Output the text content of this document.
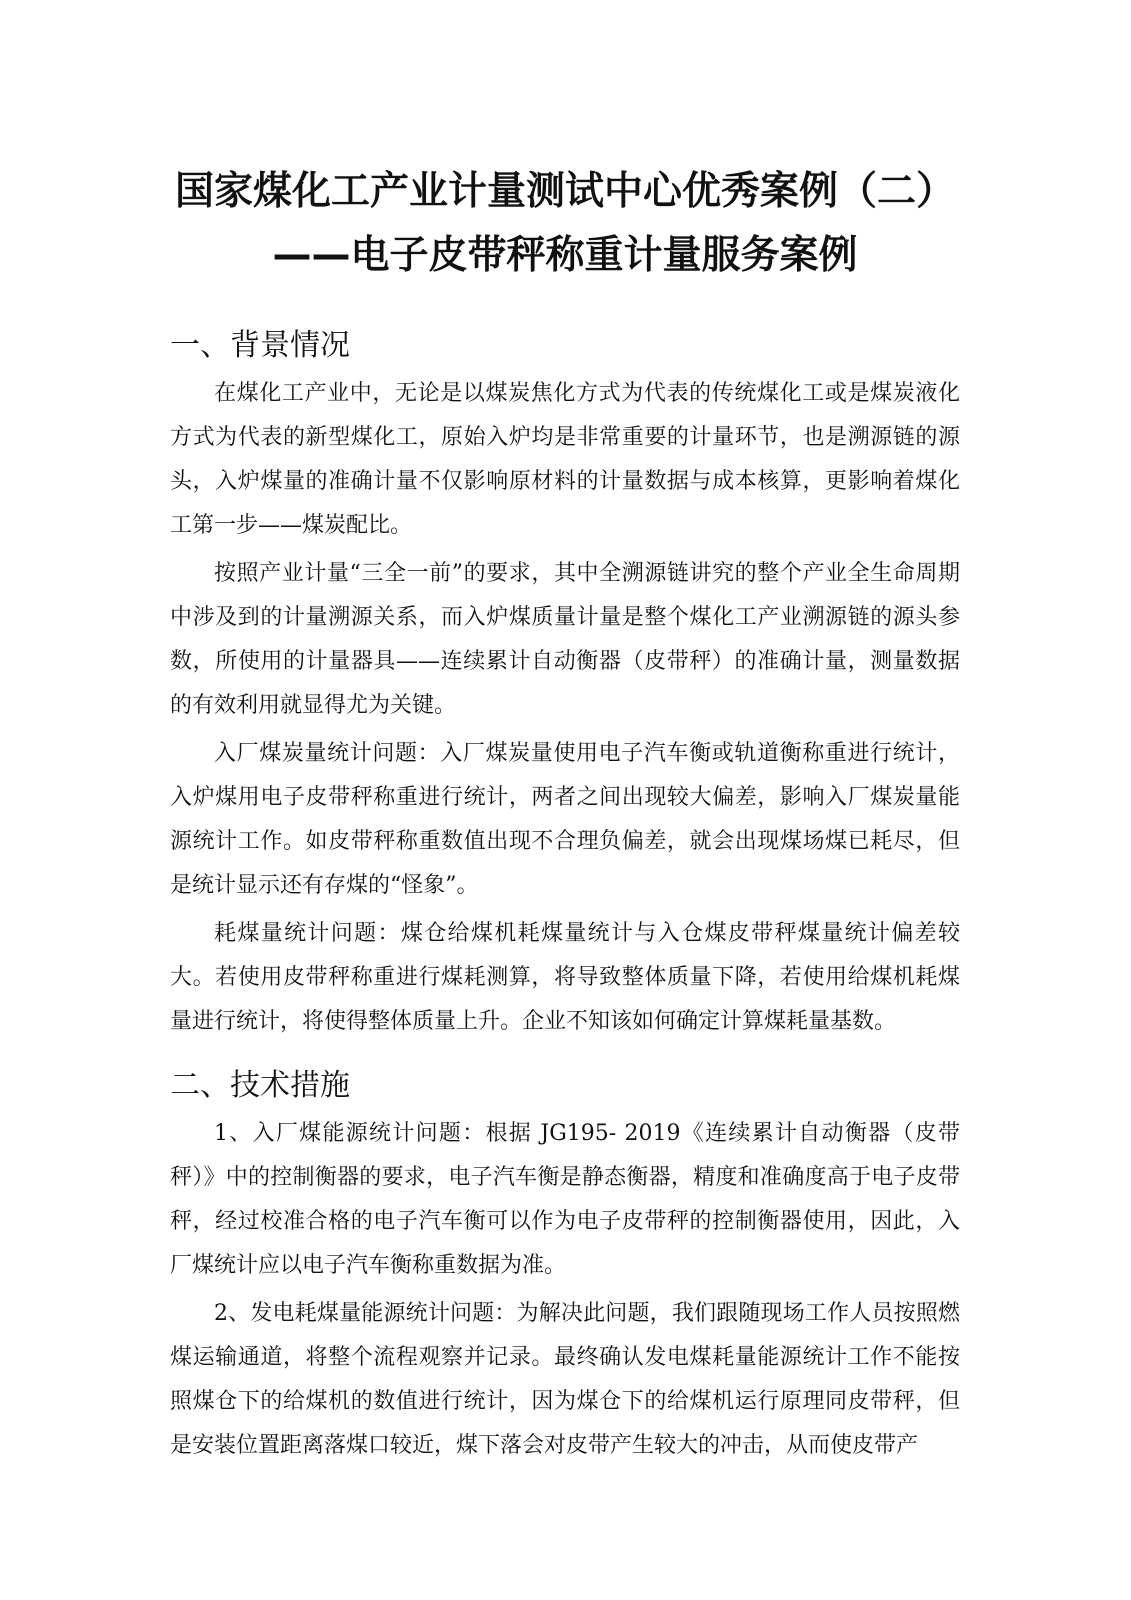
国家煤化工产业计量测试中心优秀案例（二）
——电子皮带秤称重计量服务案例
一、背景情况

在煤化工产业中，无论是以煤炭焦化方式为代表的传统煤化工或是煤炭液化方式为代表的新型煤化工，原始入炉均是非常重要的计量环节，也是溯源链的源头，入炉煤量的准确计量不仅影响原材料的计量数据与成本核算，更影响着煤化工第一步——煤炭配比。

按照产业计量“三全一前”的要求，其中全溯源链讲究的整个产业全生命周期中涉及到的计量溯源关系，而入炉煤质量计量是整个煤化工产业溯源链的源头参数，所使用的计量器具——连续累计自动衡器（皮带秤）的准确计量，测量数据的有效利用就显得尤为关键。

入厂煤炭量统计问题：入厂煤炭量使用电子汽车衡或轨道衡称重进行统计，入炉煤用电子皮带秤称重进行统计，两者之间出现较大偏差，影响入厂煤炭量能源统计工作。如皮带秤称重数值出现不合理负偏差，就会出现煤场煤已耗尽，但是统计显示还有存煤的“怪象”。

耗煤量统计问题：煤仓给煤机耗煤量统计与入仓煤皮带秤煤量统计偏差较大。若使用皮带秤称重进行煤耗测算，将导致整体质量下降，若使用给煤机耗煤量进行统计，将使得整体质量上升。企业不知该如何确定计算煤耗量基数。

二、技术措施

1、入厂煤能源统计问题：根据 JG195- 2019《连续累计自动衡器（皮带秤）》中的控制衡器的要求，电子汽车衡是静态衡器，精度和准确度高于电子皮带秤，经过校准合格的电子汽车衡可以作为电子皮带秤的控制衡器使用，因此，入厂煤统计应以电子汽车衡称重数据为准。

2、发电耗煤量能源统计问题：为解决此问题，我们跟随现场工作人员按照燃煤运输通道，将整个流程观察并记录。最终确认发电煤耗量能源统计工作不能按照煤仓下的给煤机的数值进行统计，因为煤仓下的给煤机运行原理同皮带秤，但是安装位置距离落煤口较近，煤下落会对皮带产生较大的冲击，从而使皮带产
